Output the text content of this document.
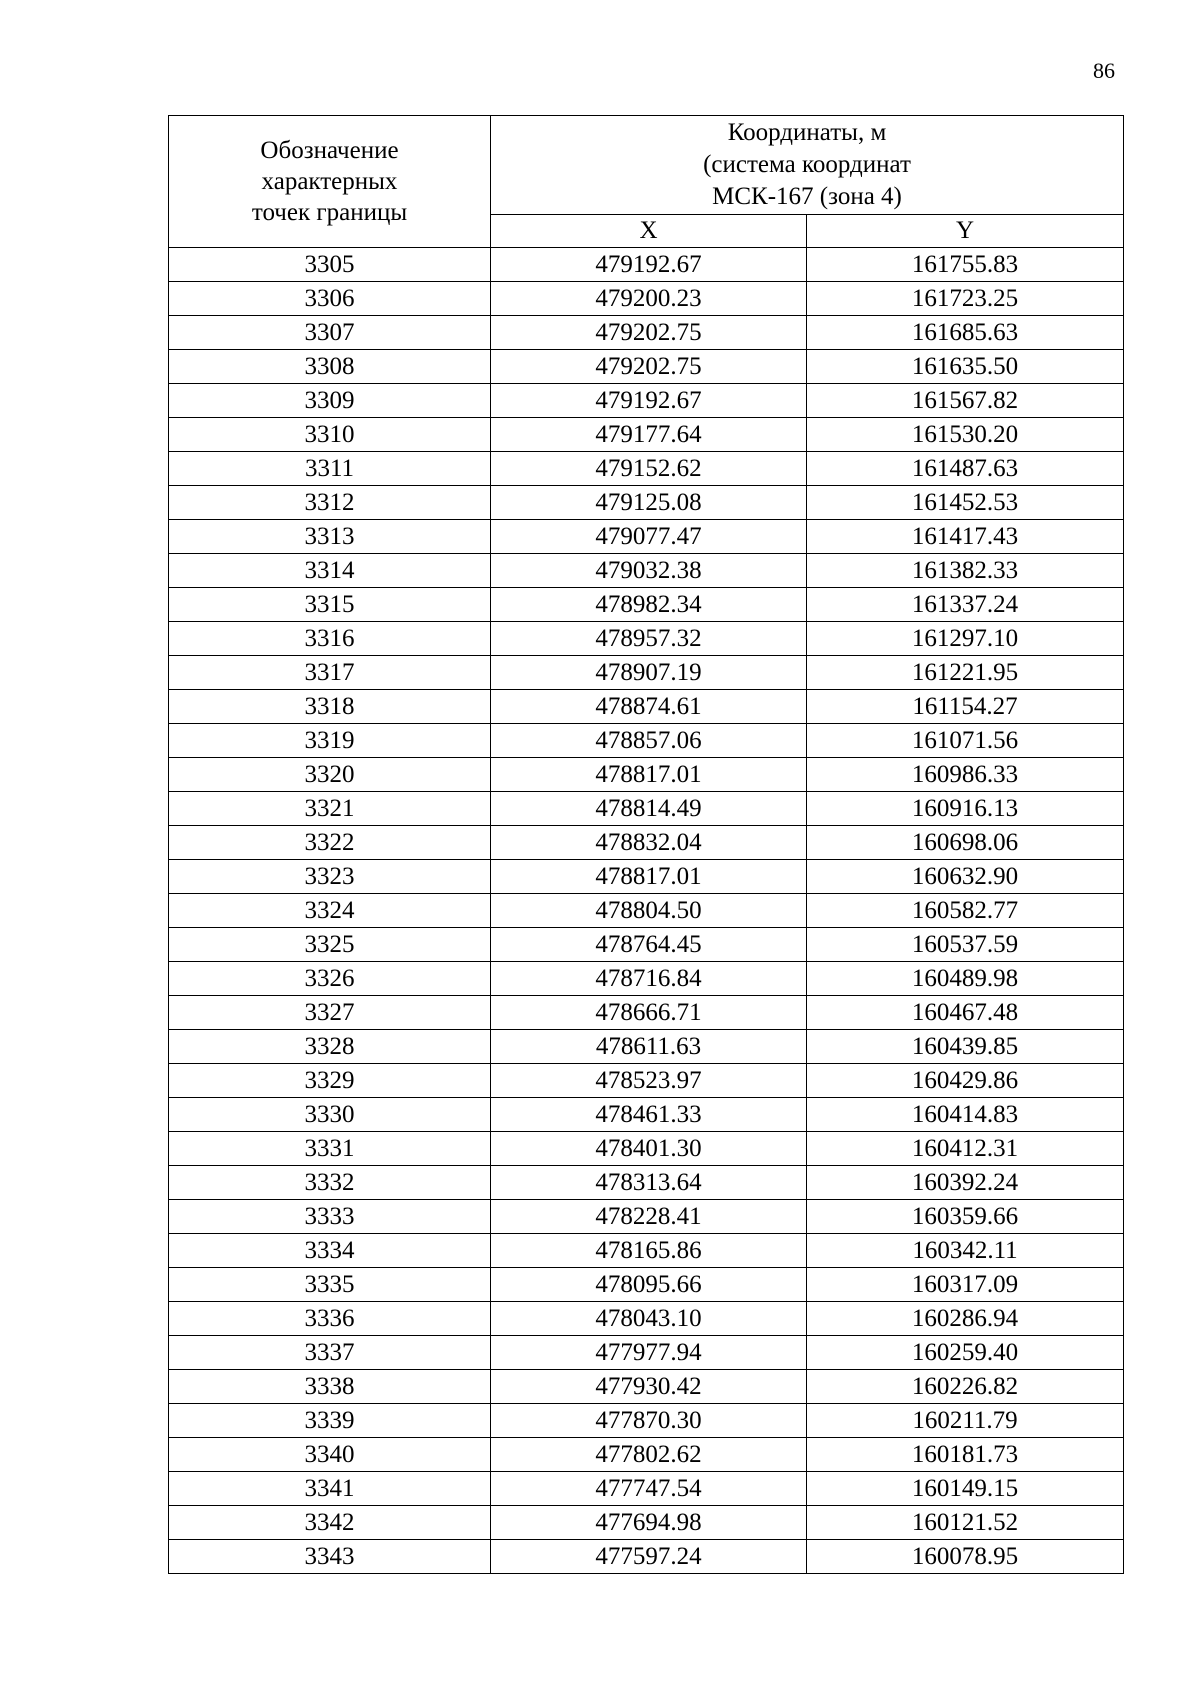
86
Обозначение
характерных
точек границы	Координаты, м
(система координат
МСК-167 (зона 4)	
	X	Y
3305	479192.67	161755.83
3306	479200.23	161723.25
3307	479202.75	161685.63
3308	479202.75	161635.50
3309	479192.67	161567.82
3310	479177.64	161530.20
3311	479152.62	161487.63
3312	479125.08	161452.53
3313	479077.47	161417.43
3314	479032.38	161382.33
3315	478982.34	161337.24
3316	478957.32	161297.10
3317	478907.19	161221.95
3318	478874.61	161154.27
3319	478857.06	161071.56
3320	478817.01	160986.33
3321	478814.49	160916.13
3322	478832.04	160698.06
3323	478817.01	160632.90
3324	478804.50	160582.77
3325	478764.45	160537.59
3326	478716.84	160489.98
3327	478666.71	160467.48
3328	478611.63	160439.85
3329	478523.97	160429.86
3330	478461.33	160414.83
3331	478401.30	160412.31
3332	478313.64	160392.24
3333	478228.41	160359.66
3334	478165.86	160342.11
3335	478095.66	160317.09
3336	478043.10	160286.94
3337	477977.94	160259.40
3338	477930.42	160226.82
3339	477870.30	160211.79
3340	477802.62	160181.73
3341	477747.54	160149.15
3342	477694.98	160121.52
3343	477597.24	160078.95
